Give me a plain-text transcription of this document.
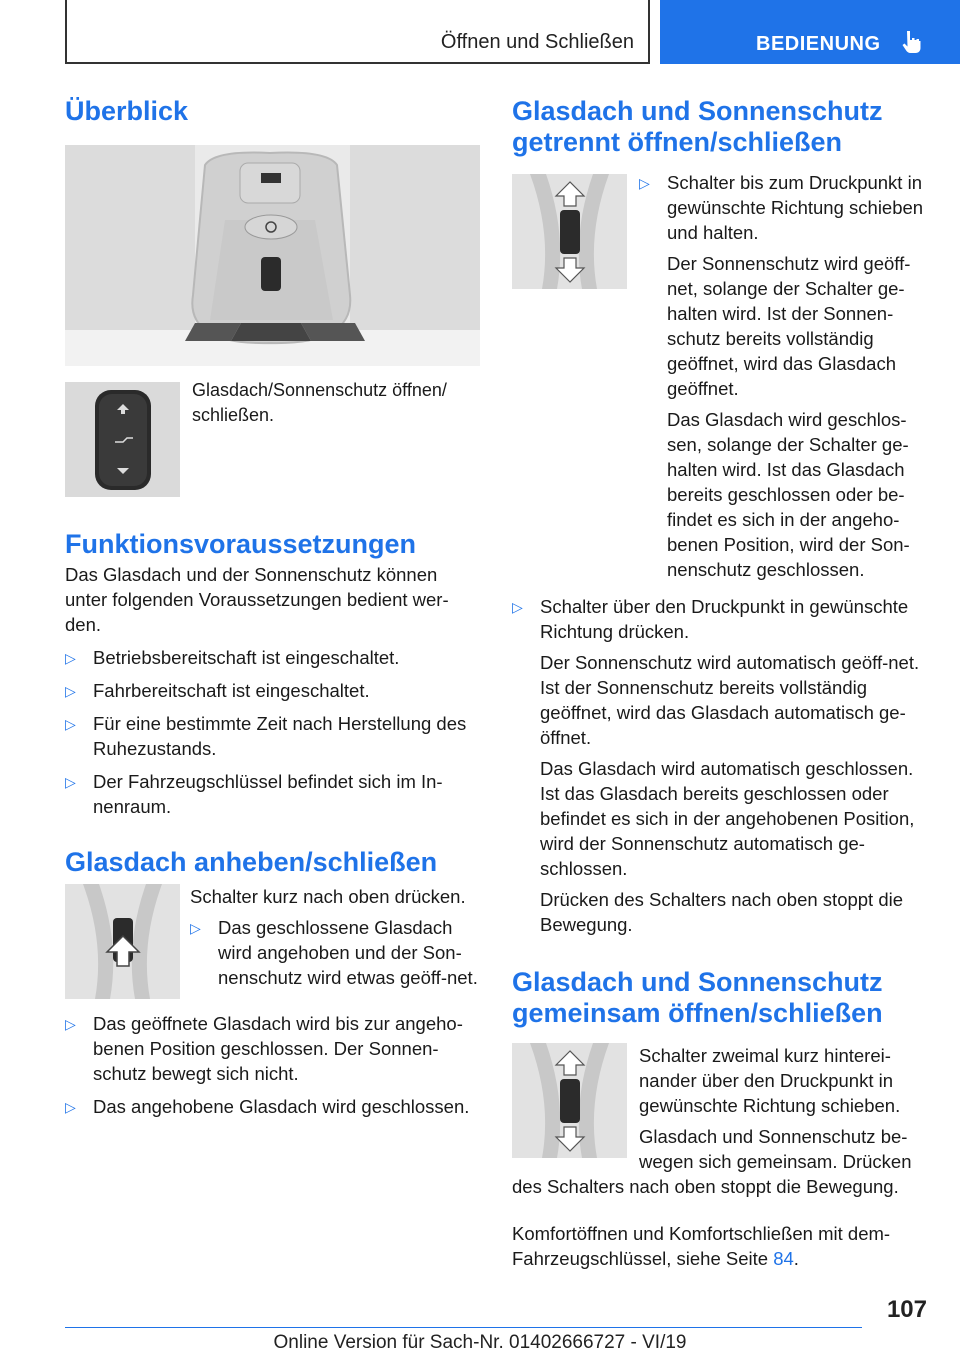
Öffnen und Schließen	BEDIENUNG
Überblick
Glasdach/Sonnenschutz öffnen/
schließen.
Funktionsvoraussetzungen

Das Glasdach und der Sonnenschutz können unter folgenden Voraussetzungen bedient wer-den.

▷ Betriebsbereitschaft ist eingeschaltet.
▷ Fahrbereitschaft ist eingeschaltet.
▷ Für eine bestimmte Zeit nach Herstellung des Ruhezustands.
▷ Der Fahrzeugschlüssel befindet sich im In-nenraum.
Glasdach anheben/schließen
Schalter kurz nach oben drücken.
▷ Das geschlossene Glasdach wird angehoben und der Son-nenschutz wird etwas geöff-net.
▷ Das geöffnete Glasdach wird bis zur angeho-benen Position geschlossen. Der Sonnen-schutz bewegt sich nicht.
▷ Das angehobene Glasdach wird geschlossen.
Glasdach und Sonnenschutz getrennt öffnen/schließen
▷ Schalter bis zum Druckpunkt in gewünschte Richtung schieben und halten.

Der Sonnenschutz wird geöff-net, solange der Schalter ge-halten wird. Ist der Sonnen-schutz bereits vollständig geöffnet, wird das Glasdach geöffnet.

Das Glasdach wird geschlos-sen, solange der Schalter ge-halten wird. Ist das Glasdach bereits geschlossen oder be-findet es sich in der angeho-benen Position, wird der Son-nenschutz geschlossen.

▷ Schalter über den Druckpunkt in gewünschte Richtung drücken.

Der Sonnenschutz wird automatisch geöff-net. Ist der Sonnenschutz bereits vollständig geöffnet, wird das Glasdach automatisch ge-öffnet.

Das Glasdach wird automatisch geschlossen. Ist das Glasdach bereits geschlossen oder befindet es sich in der angehobenen Position, wird der Sonnenschutz automatisch ge-schlossen.

Drücken des Schalters nach oben stoppt die Bewegung.

Glasdach und Sonnenschutz gemeinsam öffnen/schließen

Schalter zweimal kurz hinterei-nander über den Druckpunkt in gewünschte Richtung schieben.

Glasdach und Sonnenschutz be-wegen sich gemeinsam. Drücken des Schalters nach oben stoppt die Bewegung.

Komfortöffnen und Komfortschließen mit dem-Fahrzeugschlüssel, siehe Seite 84.

107
Online Version für Sach-Nr. 01402666727 - VI/19
